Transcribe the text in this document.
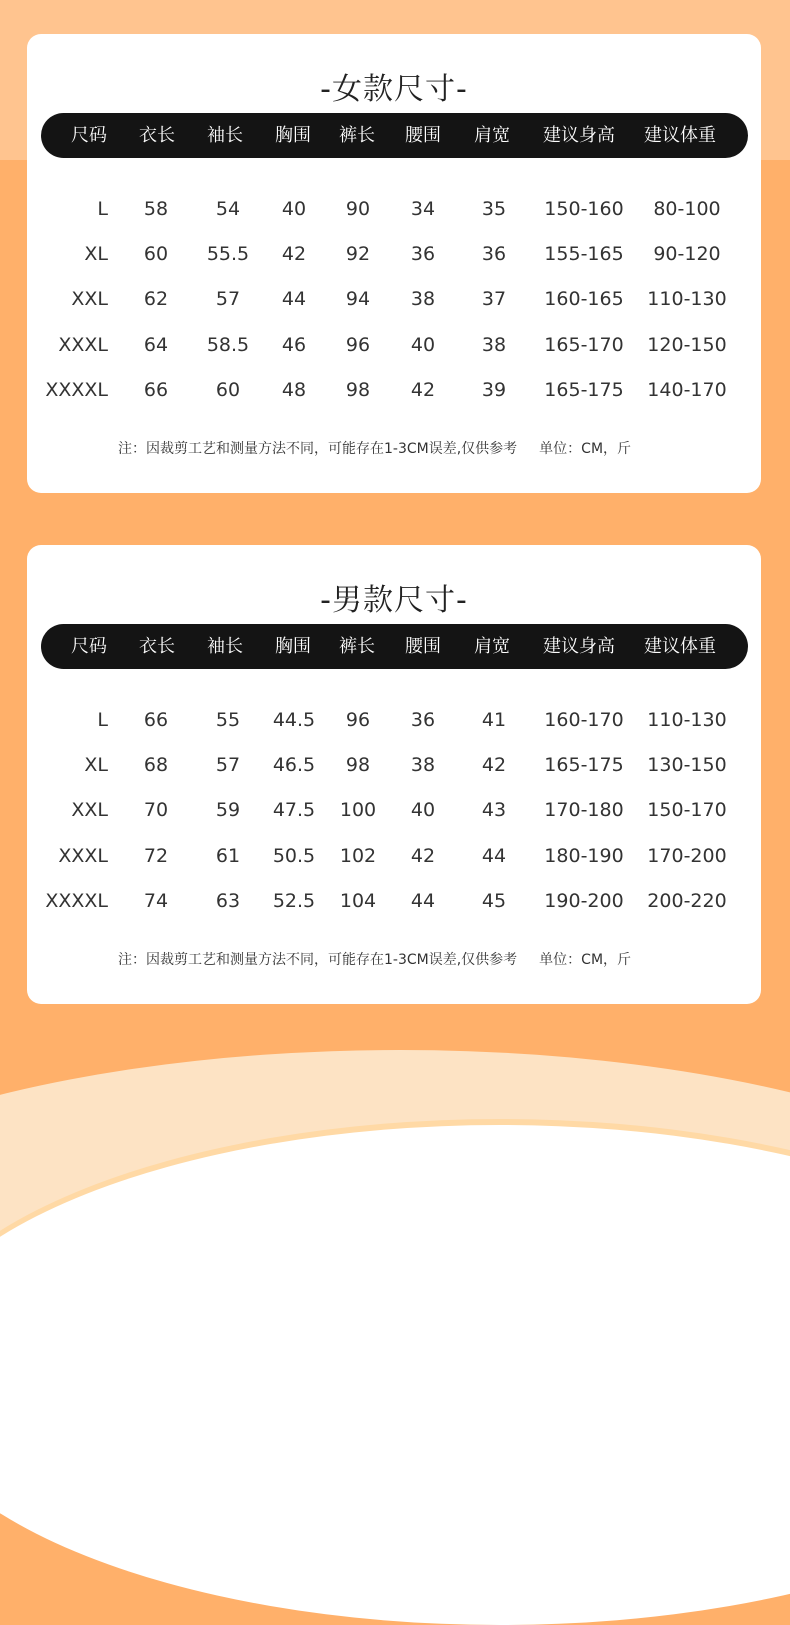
-女款尺寸-
尺码 衣长 袖长 胸围 裤长 腰围 肩宽 建议身高 建议体重
L 58	54 40 90 34 35 150-160 80-100
XL 60 55.5 42 92 36 36 155-165 90-120
XXL 62	57 44 94 38 37 160-165 110-130
XXXL 64 58.5 46 96 40 38 165-170 120-150
XXXXL 66	60 48 98 42 39 165-175 140-170
注：因裁剪工艺和测量方法不同，可能存在1-3CM误差,仅供参考 单位：CM，斤
-男款尺寸-
尺码 衣长 袖长 胸围 裤长 腰围 肩宽 建议身高 建议体重
L 66	55 44.5 96 36 41 160-170 110-130
XL 68	57 46.5 98 38 42 165-175 130-150
XXL 70	59 47.5 100 40 43 170-180 150-170
XXXL 72	61 50.5 102 42 44 180-190 170-200
XXXXL 74	63 52.5 104 44 45 190-200 200-220
注：因裁剪工艺和测量方法不同，可能存在1-3CM误差,仅供参考 单位：CM，斤
